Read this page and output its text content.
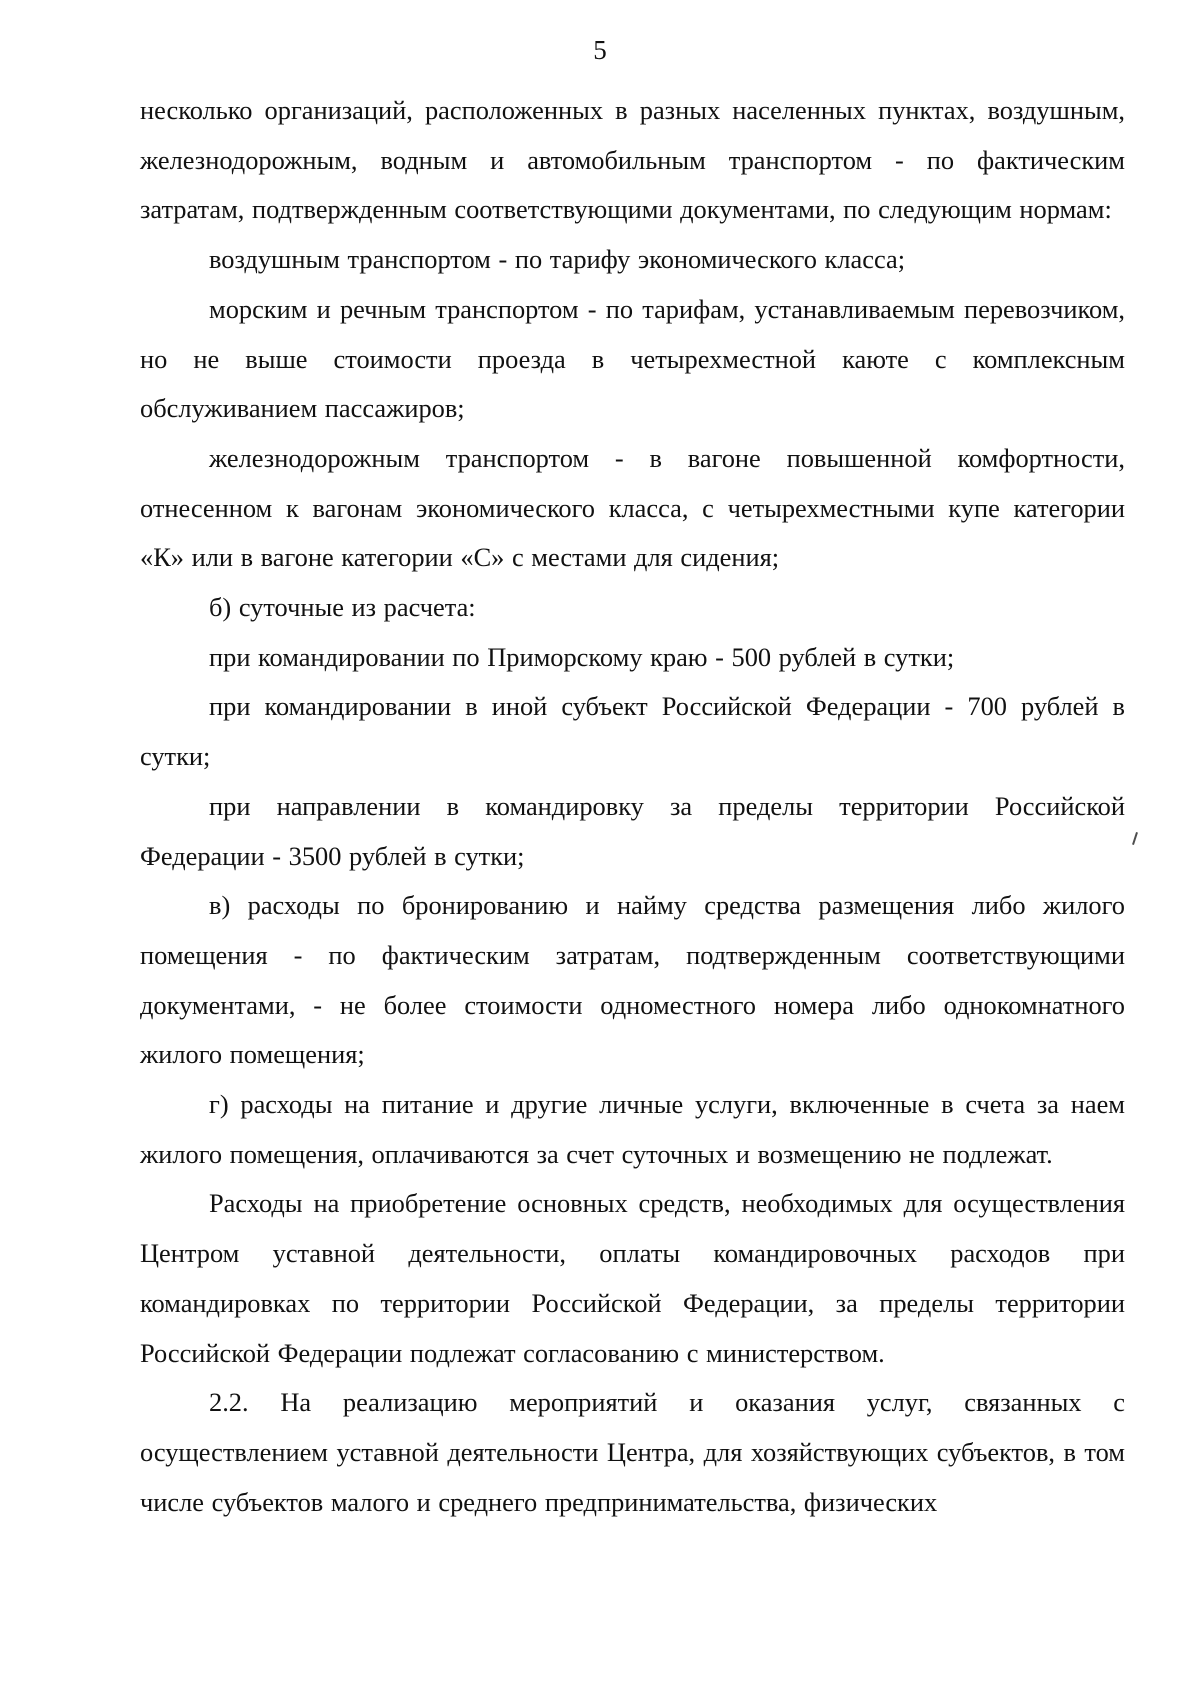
5

несколько организаций, расположенных в разных населенных пунктах, воздушным, железнодорожным, водным и автомобильным транспортом - по фактическим затратам, подтвержденным соответствующими документами, по следующим нормам:

воздушным транспортом - по тарифу экономического класса;

морским и речным транспортом - по тарифам, устанавливаемым перевозчиком, но не выше стоимости проезда в четырехместной каюте с комплексным обслуживанием пассажиров;

железнодорожным транспортом - в вагоне повышенной комфортности, отнесенном к вагонам экономического класса, с четырехместными купе категории «К» или в вагоне категории «С» с местами для сидения;

б) суточные из расчета:

при командировании по Приморскому краю - 500 рублей в сутки;

при командировании в иной субъект Российской Федерации - 700 рублей в сутки;

при направлении в командировку за пределы территории Российской Федерации - 3500 рублей в сутки;

в) расходы по бронированию и найму средства размещения либо жилого помещения - по фактическим затратам, подтвержденным соответствующими документами, - не более стоимости одноместного номера либо однокомнатного жилого помещения;

г) расходы на питание и другие личные услуги, включенные в счета за наем жилого помещения, оплачиваются за счет суточных и возмещению не подлежат.

Расходы на приобретение основных средств, необходимых для осуществления Центром уставной деятельности, оплаты командировочных расходов при командировках по территории Российской Федерации, за пределы территории Российской Федерации подлежат согласованию с министерством.

2.2. На реализацию мероприятий и оказания услуг, связанных с осуществлением уставной деятельности Центра, для хозяйствующих субъектов, в том числе субъектов малого и среднего предпринимательства, физических
